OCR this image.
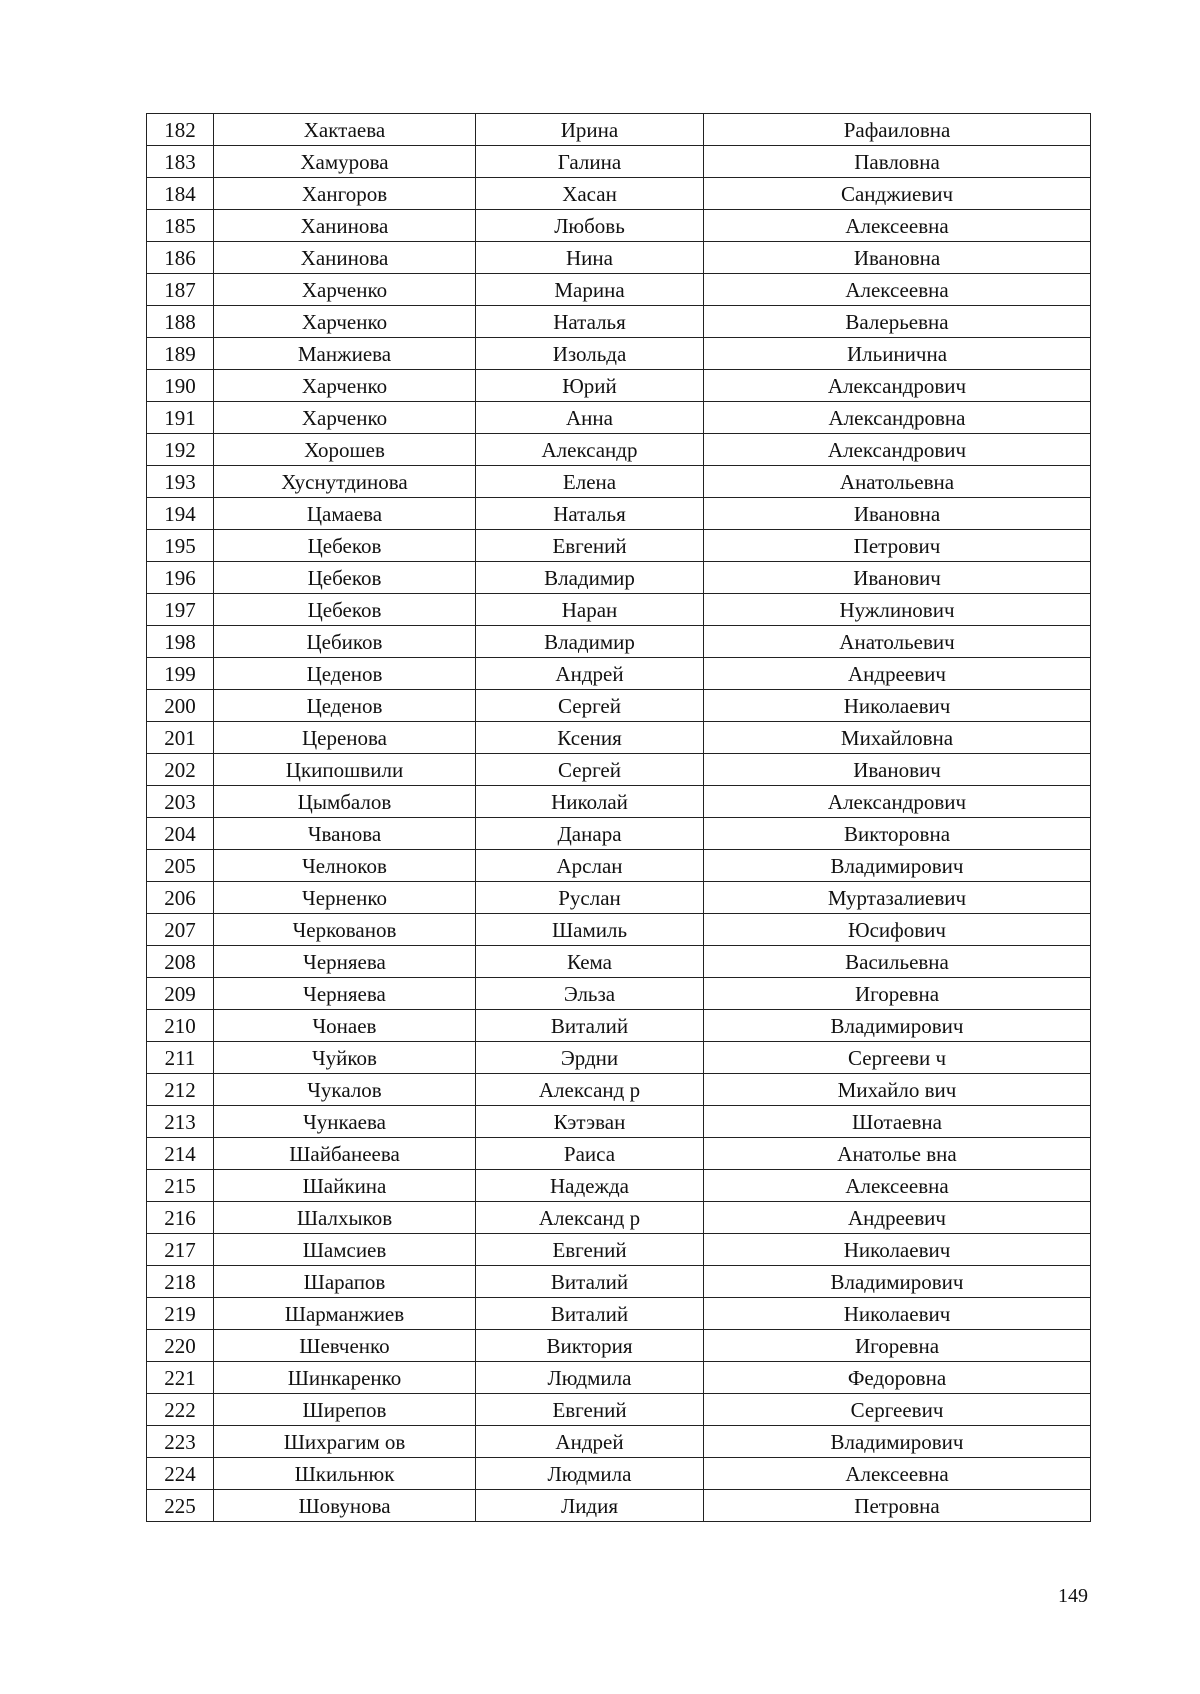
182	Хактаева	Ирина	Рафаиловна
183	Хамурова	Галина	Павловна
184	Хангоров	Хасан	Санджиевич
185	Ханинова	Любовь	Алексеевна
186	Ханинова	Нина	Ивановна
187	Харченко	Марина	Алексеевна
188	Харченко	Наталья	Валерьевна
189	Манжиева	Изольда	Ильинична
190	Харченко	Юрий	Александрович
191	Харченко	Анна	Александровна
192	Хорошев	Александр	Александрович
193	Хуснутдинова	Елена	Анатольевна
194	Цамаева	Наталья	Ивановна
195	Цебеков	Евгений	Петрович
196	Цебеков	Владимир	Иванович
197	Цебеков	Наран	Нужлинович
198	Цебиков	Владимир	Анатольевич
199	Цеденов	Андрей	Андреевич
200	Цеденов	Сергей	Николаевич
201	Церенова	Ксения	Михайловна
202	Цкипошвили	Сергей	Иванович
203	Цымбалов	Николай	Александрович
204	Чванова	Данара	Викторовна
205	Челноков	Арслан	Владимирович
206	Черненко	Руслан	Муртазалиевич
207	Черкованов	Шамиль	Юсифович
208	Черняева	Кема	Васильевна
209	Черняева	Эльза	Игоревна
210	Чонаев	Виталий	Владимирович
211	Чуйков	Эрдни	Сергееви ч
212	Чукалов	Александ р	Михайло вич
213	Чункаева	Кэтэван	Шотаевна
214	Шайбанеева	Раиса	Анатолье вна
215	Шайкина	Надежда	Алексеевна
216	Шалхыков	Александ р	Андреевич
217	Шамсиев	Евгений	Николаевич
218	Шарапов	Виталий	Владимирович
219	Шарманжиев	Виталий	Николаевич
220	Шевченко	Виктория	Игоревна
221	Шинкаренко	Людмила	Федоровна
222	Ширепов	Евгений	Сергеевич
223	Шихрагим ов	Андрей	Владимирович
224	Шкильнюк	Людмила	Алексеевна
225	Шовунова	Лидия	Петровна
149
